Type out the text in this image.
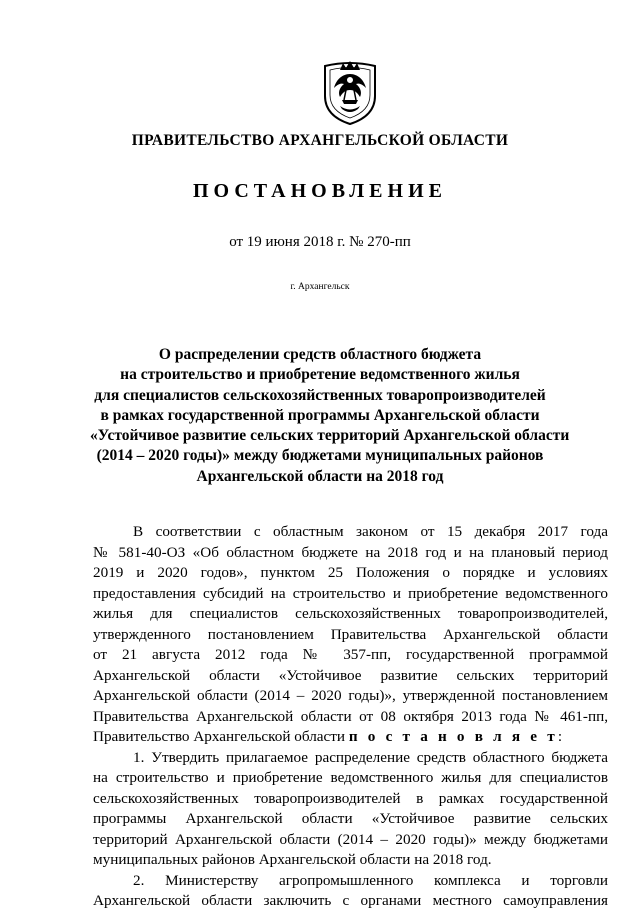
ПРАВИТЕЛЬСТВО АРХАНГЕЛЬСКОЙ ОБЛАСТИ
ПОСТАНОВЛЕНИЕ
от 19 июня 2018 г. № 270-пп
г. Архангельск
О распределении средств областного бюджета
на строительство и приобретение ведомственного жилья
для специалистов сельскохозяйственных товаропроизводителей
в рамках государственной программы Архангельской области
«Устойчивое развитие сельских территорий Архангельской области
(2014 – 2020 годы)» между бюджетами муниципальных районов
Архангельской области на 2018 год
В соответствии с областным законом от 15 декабря 2017 года
№ 581-40-ОЗ «Об областном бюджете на 2018 год и на плановый период
2019 и 2020 годов», пунктом 25 Положения о порядке и условиях
предоставления субсидий на строительство и приобретение ведомственного
жилья для специалистов сельскохозяйственных товаропроизводителей,
утвержденного постановлением Правительства Архангельской области
от 21 августа 2012 года № 357-пп, государственной программой
Архангельской области «Устойчивое развитие сельских территорий
Архангельской области (2014 – 2020 годы)», утвержденной постановлением
Правительства Архангельской области от 08 октября 2013 года № 461-пп,
Правительство Архангельской области п о с т а н о в л я е т:
1. Утвердить прилагаемое распределение средств областного бюджета
на строительство и приобретение ведомственного жилья для специалистов
сельскохозяйственных товаропроизводителей в рамках государственной
программы Архангельской области «Устойчивое развитие сельских
территорий Архангельской области (2014 – 2020 годы)» между бюджетами
муниципальных районов Архангельской области на 2018 год.
2. Министерству агропромышленного комплекса и торговли
Архангельской области заключить с органами местного самоуправления
